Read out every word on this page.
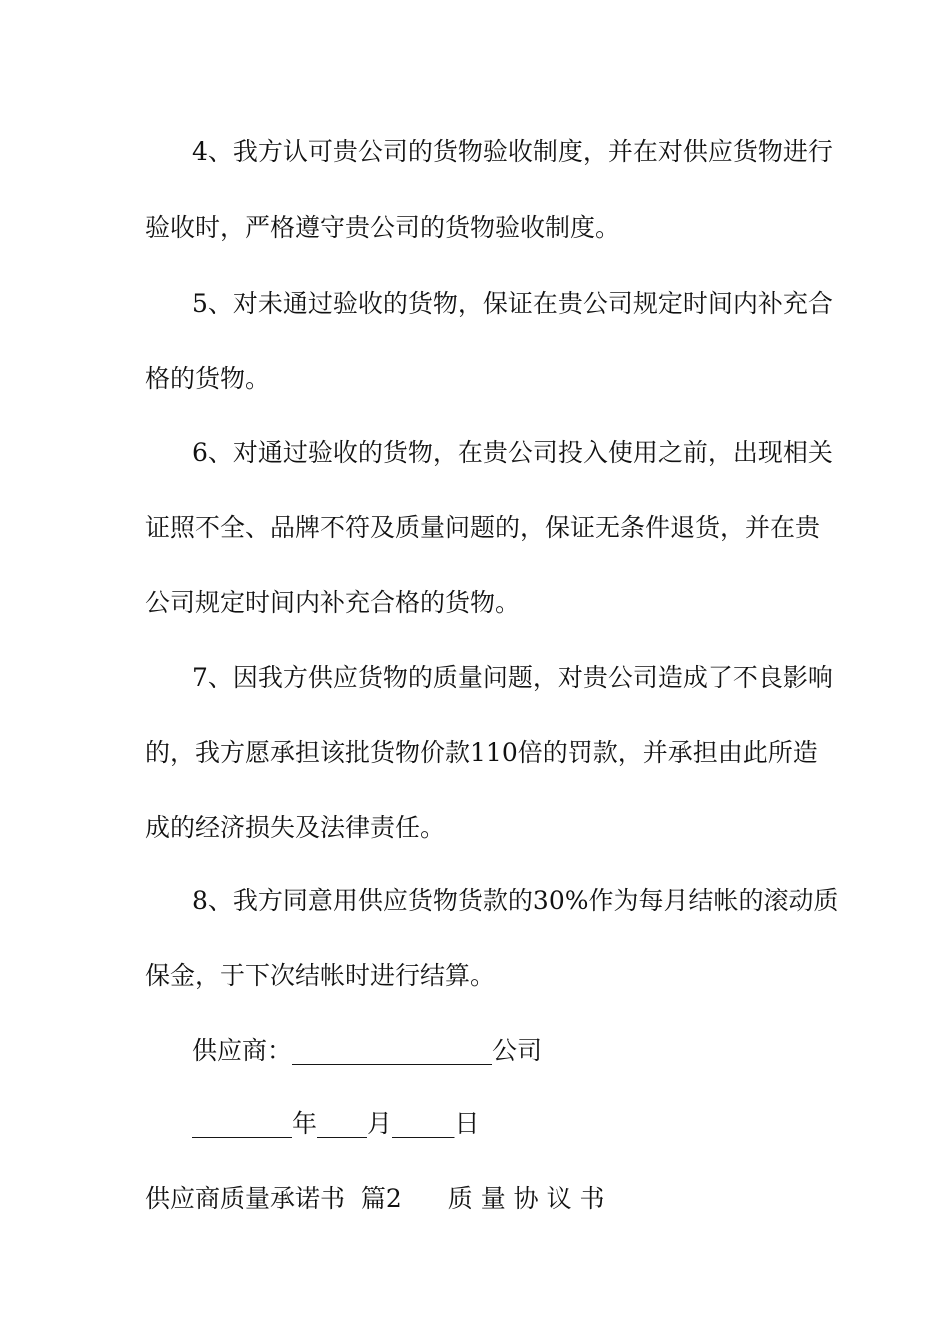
4、我方认可贵公司的货物验收制度，并在对供应货物进行
验收时，严格遵守贵公司的货物验收制度。
5、对未通过验收的货物，保证在贵公司规定时间内补充合
格的货物。
6、对通过验收的货物，在贵公司投入使用之前，出现相关
证照不全、品牌不符及质量问题的，保证无条件退货，并在贵
公司规定时间内补充合格的货物。
7、因我方供应货物的质量问题，对贵公司造成了不良影响
的，我方愿承担该批货物价款110倍的罚款，并承担由此所造
成的经济损失及法律责任。
8、我方同意用供应货物货款的30%作为每月结帐的滚动质
保金，于下次结帐时进行结算。
供应商：________________公司
________年____月_____日
供应商质量承诺书  篇2 质 量 协 议 书
